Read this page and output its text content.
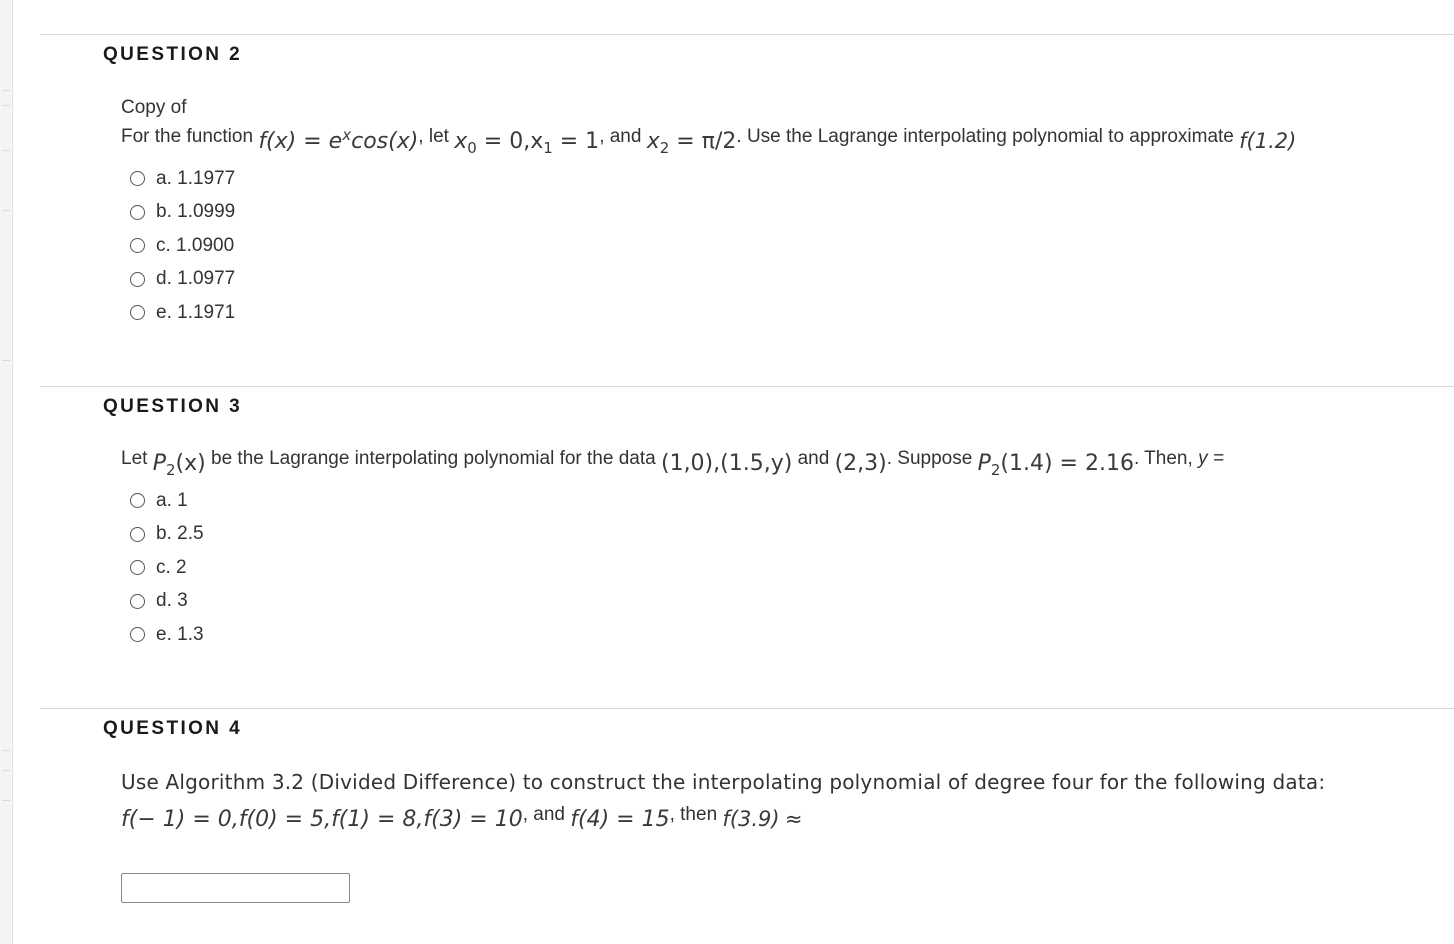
QUESTION 2
Copy of
For the function $f(x) = e^x\cos(x)$, let $x_0 = 0,x_1 = 1$, and $x_2 = \pi/2$. Use the Lagrange interpolating polynomial to approximate f(1.2)
a. 1.1977
b. 1.0999
c. 1.0900
d. 1.0977
e. 1.1971
QUESTION 3
Let $P_2(x)$ be the Lagrange interpolating polynomial for the data (1,0),(1.5,y) and (2,3). Suppose $P_2(1.4) = 2.16$. Then, y =
a. 1
b. 2.5
c. 2
d. 3
e. 1.3
QUESTION 4
Use Algorithm 3.2 (Divided Difference) to construct the interpolating polynomial of degree four for the following data:
f(− 1) = 0,f(0) = 5,f(1) = 8,f(3) = 10, and f(4) = 15, then f(3.9) ≈
